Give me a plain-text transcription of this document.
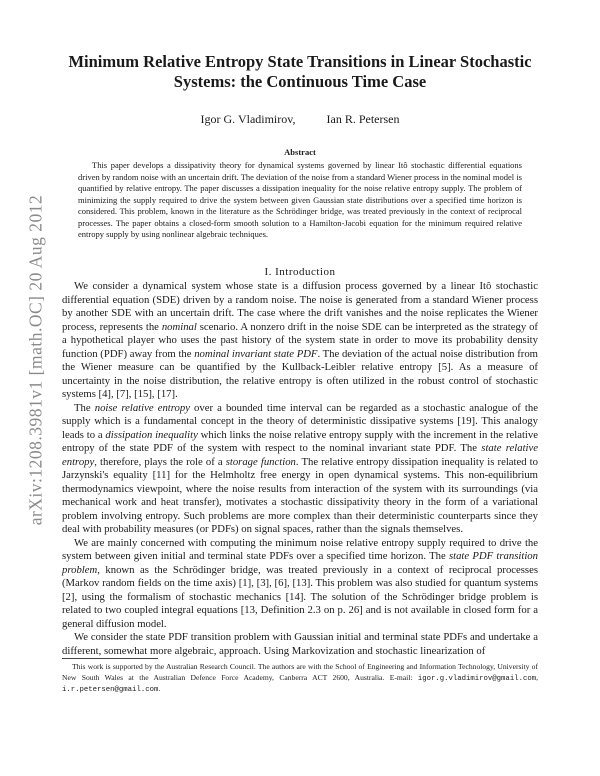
arXiv:1208.3981v1 [math.OC] 20 Aug 2012
Minimum Relative Entropy State Transitions in Linear Stochastic Systems: the Continuous Time Case
Igor G. Vladimirov,	Ian R. Petersen
Abstract

This paper develops a dissipativity theory for dynamical systems governed by linear Itô stochastic differential equations driven by random noise with an uncertain drift. The deviation of the noise from a standard Wiener process in the nominal model is quantified by relative entropy. The paper discusses a dissipation inequality for the noise relative entropy supply. The problem of minimizing the supply required to drive the system between given Gaussian state distributions over a specified time horizon is considered. This problem, known in the literature as the Schrödinger bridge, was treated previously in the context of reciprocal processes. The paper obtains a closed-form smooth solution to a Hamilton-Jacobi equation for the minimum required relative entropy supply by using nonlinear algebraic techniques.

I. Introduction

We consider a dynamical system whose state is a diffusion process governed by a linear Itô stochastic differential equation (SDE) driven by a random noise. The noise is generated from a standard Wiener process by another SDE with an uncertain drift. The case where the drift vanishes and the noise replicates the Wiener process, represents the nominal scenario. A nonzero drift in the noise SDE can be interpreted as the strategy of a hypothetical player who uses the past history of the system state in order to move its probability density function (PDF) away from the nominal invariant state PDF. The deviation of the actual noise distribution from the Wiener measure can be quantified by the Kullback-Leibler relative entropy [5]. As a measure of uncertainty in the noise distribution, the relative entropy is often utilized in the robust control of stochastic systems [4], [7], [15], [17].

The noise relative entropy over a bounded time interval can be regarded as a stochastic analogue of the supply which is a fundamental concept in the theory of deterministic dissipative systems [19]. This analogy leads to a dissipation inequality which links the noise relative entropy supply with the increment in the relative entropy of the state PDF of the system with respect to the nominal invariant state PDF. The state relative entropy, therefore, plays the role of a storage function. The relative entropy dissipation inequality is related to Jarzynski's equality [11] for the Helmholtz free energy in open dynamical systems. This non-equilibrium thermodynamics viewpoint, where the noise results from interaction of the system with its surroundings (via mechanical work and heat transfer), motivates a stochastic dissipativity theory in the form of a variational problem involving entropy. Such problems are more complex than their deterministic counterparts since they deal with probability measures (or PDFs) on signal spaces, rather than the signals themselves.

We are mainly concerned with computing the minimum noise relative entropy supply required to drive the system between given initial and terminal state PDFs over a specified time horizon. The state PDF transition problem, known as the Schrödinger bridge, was treated previously in a context of reciprocal processes (Markov random fields on the time axis) [1], [3], [6], [13]. This problem was also studied for quantum systems [2], using the formalism of stochastic mechanics [14]. The solution of the Schrödinger bridge problem is related to two coupled integral equations [13, Definition 2.3 on p. 26] and is not available in closed form for a general diffusion model.

We consider the state PDF transition problem with Gaussian initial and terminal state PDFs and undertake a different, somewhat more algebraic, approach. Using Markovization and stochastic linearization of

This work is supported by the Australian Research Council. The authors are with the School of Engineering and Information Technology, University of New South Wales at the Australian Defence Force Academy, Canberra ACT 2600, Australia. E-mail: igor.g.vladimirov@gmail.com, i.r.petersen@gmail.com.
